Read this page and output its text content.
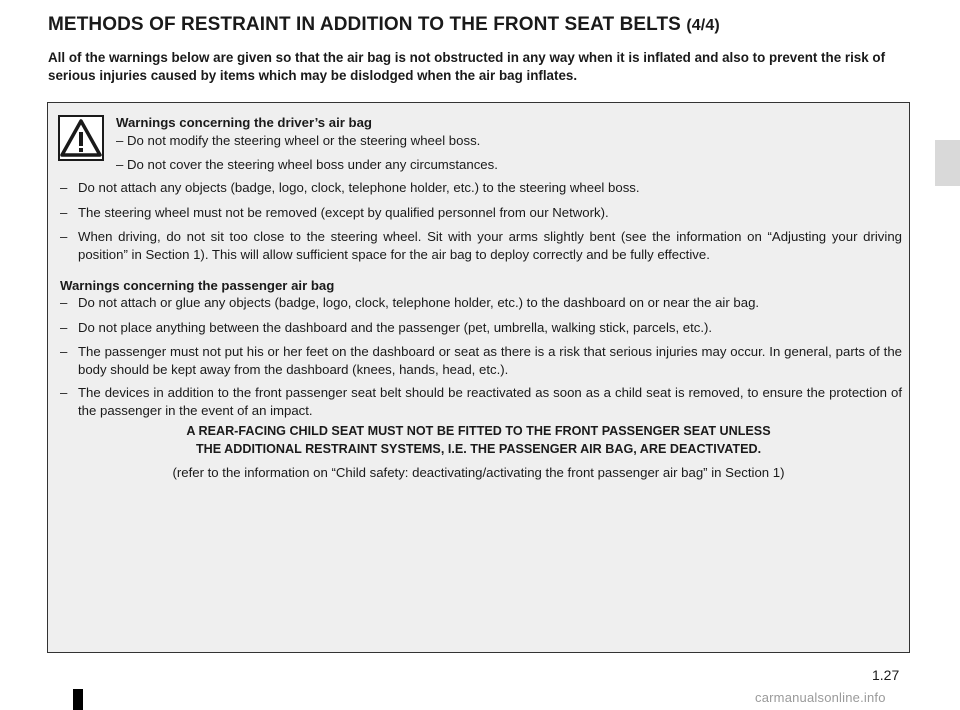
METHODS OF RESTRAINT IN ADDITION TO THE FRONT SEAT BELTS (4/4)
All of the warnings below are given so that the air bag is not obstructed in any way when it is inflated and also to prevent the risk of serious injuries caused by items which may be dislodged when the air bag inflates.
Warnings concerning the driver’s air bag
– Do not modify the steering wheel or the steering wheel boss.
– Do not cover the steering wheel boss under any circumstances.
– Do not attach any objects (badge, logo, clock, telephone holder, etc.) to the steering wheel boss.
– The steering wheel must not be removed (except by qualified personnel from our Network).
– When driving, do not sit too close to the steering wheel. Sit with your arms slightly bent (see the information on “Adjusting your driving position” in Section 1). This will allow sufficient space for the air bag to deploy correctly and be fully effective.
Warnings concerning the passenger air bag
– Do not attach or glue any objects (badge, logo, clock, telephone holder, etc.) to the dashboard on or near the air bag.
– Do not place anything between the dashboard and the passenger (pet, umbrella, walking stick, parcels, etc.).
– The passenger must not put his or her feet on the dashboard or seat as there is a risk that serious injuries may occur. In general, parts of the body should be kept away from the dashboard (knees, hands, head, etc.).
– The devices in addition to the front passenger seat belt should be reactivated as soon as a child seat is removed, to ensure the protection of the passenger in the event of an impact.
A REAR-FACING CHILD SEAT MUST NOT BE FITTED TO THE FRONT PASSENGER SEAT UNLESS
THE ADDITIONAL RESTRAINT SYSTEMS, I.E. THE PASSENGER AIR BAG, ARE DEACTIVATED.
(refer to the information on “Child safety: deactivating/activating the front passenger air bag” in Section 1)
1.27
carmanualsonline.info
